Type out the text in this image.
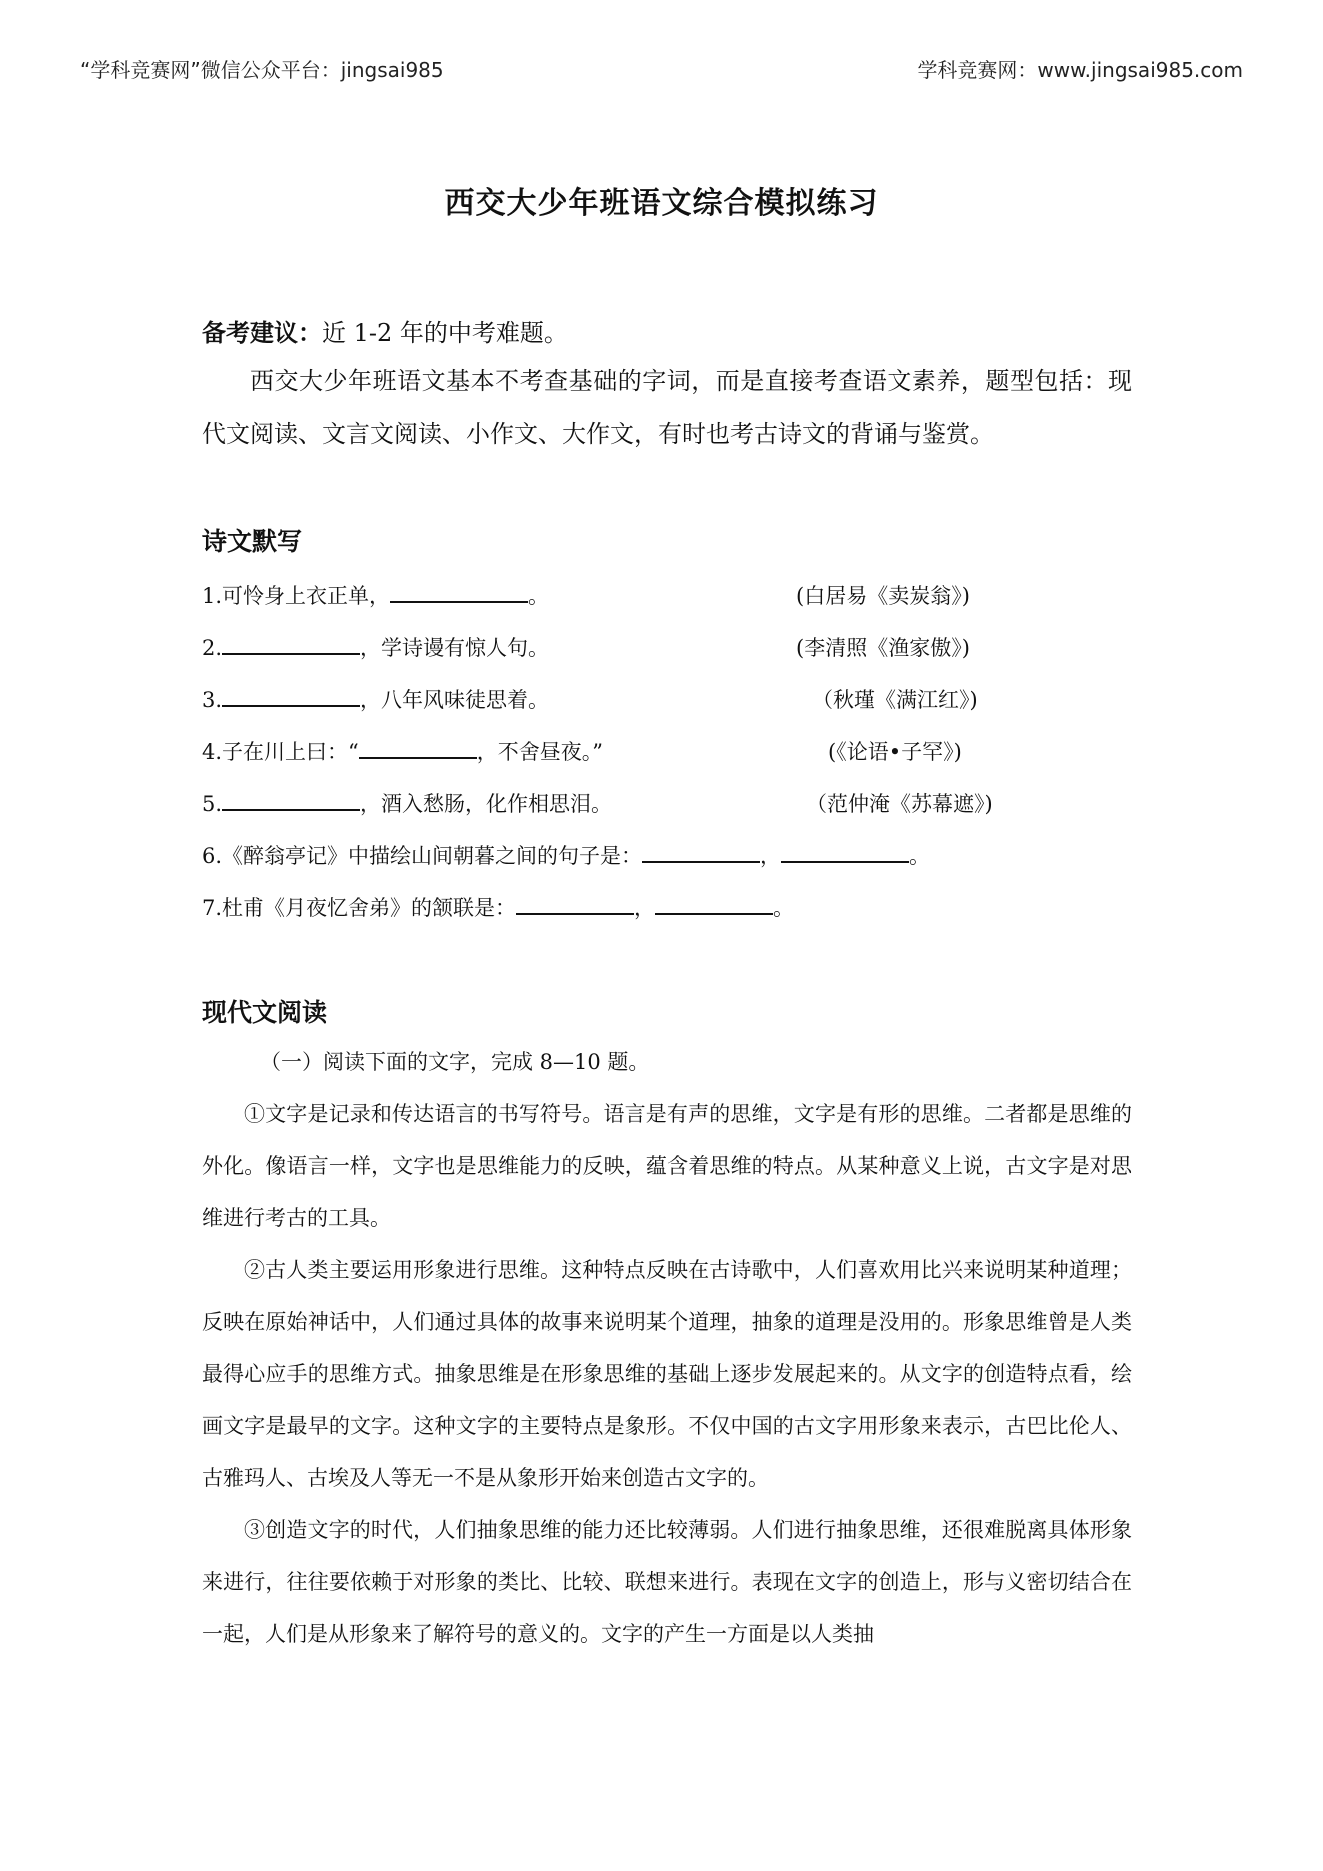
“学科竞赛网”微信公众平台：jingsai985	学科竞赛网：www.jingsai985.com
西交大少年班语文综合模拟练习
备考建议：近 1-2 年的中考难题。

西交大少年班语文基本不考查基础的字词，而是直接考查语文素养，题型包括：现代文阅读、文言文阅读、小作文、大作文，有时也考古诗文的背诵与鉴赏。

诗文默写
1.可怜身上衣正单，	。	(白居易《卖炭翁》)
2.	，学诗谩有惊人句。	(李清照《渔家傲》)
3.	，八年风味徒思着。	（秋瑾《满江红》)
4.子在川上曰：“	，不舍昼夜。”	(《论语•子罕》)
5.	，酒入愁肠，化作相思泪。	（范仲淹《苏幕遮》)
6.《醉翁亭记》中描绘山间朝暮之间的句子是：	，	。
7.杜甫《月夜忆舍弟》的颔联是：	，	。
现代文阅读

（一）阅读下面的文字，完成 8—10 题。

①文字是记录和传达语言的书写符号。语言是有声的思维，文字是有形的思维。二者都是思维的外化。像语言一样，文字也是思维能力的反映，蕴含着思维的特点。从某种意义上说，古文字是对思维进行考古的工具。

②古人类主要运用形象进行思维。这种特点反映在古诗歌中，人们喜欢用比兴来说明某种道理；反映在原始神话中，人们通过具体的故事来说明某个道理，抽象的道理是没用的。形象思维曾是人类最得心应手的思维方式。抽象思维是在形象思维的基础上逐步发展起来的。从文字的创造特点看，绘画文字是最早的文字。这种文字的主要特点是象形。不仅中国的古文字用形象来表示，古巴比伦人、古雅玛人、古埃及人等无一不是从象形开始来创造古文字的。

③创造文字的时代，人们抽象思维的能力还比较薄弱。人们进行抽象思维，还很难脱离具体形象来进行，往往要依赖于对形象的类比、比较、联想来进行。表现在文字的创造上，形与义密切结合在一起，人们是从形象来了解符号的意义的。文字的产生一方面是以人类抽
